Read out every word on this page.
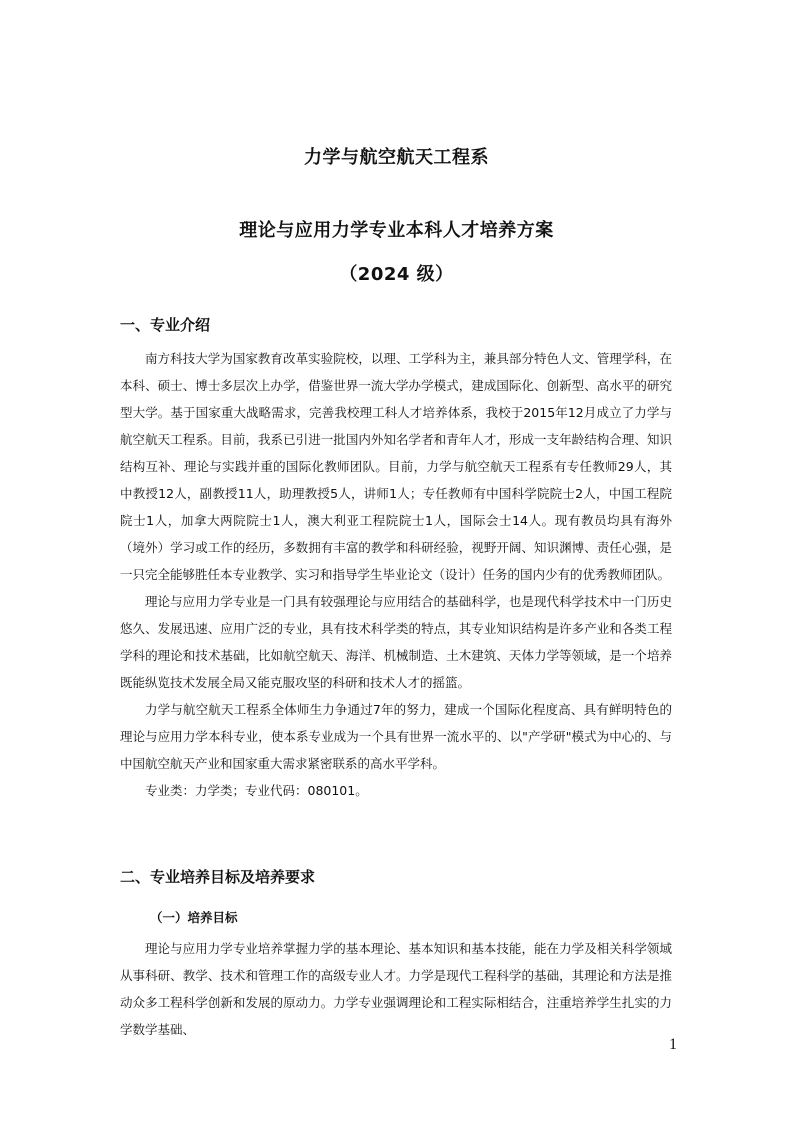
力学与航空航天工程系
理论与应用力学专业本科人才培养方案
（2024 级）
一、专业介绍

南方科技大学为国家教育改革实验院校，以理、工学科为主，兼具部分特色人文、管理学科，在本科、硕士、博士多层次上办学，借鉴世界一流大学办学模式，建成国际化、创新型、高水平的研究型大学。基于国家重大战略需求，完善我校理工科人才培养体系，我校于2015年12月成立了力学与航空航天工程系。目前，我系已引进一批国内外知名学者和青年人才，形成一支年龄结构合理、知识结构互补、理论与实践并重的国际化教师团队。目前，力学与航空航天工程系有专任教师29人，其中教授12人，副教授11人，助理教授5人，讲师1人；专任教师有中国科学院院士2人，中国工程院院士1人，加拿大两院院士1人，澳大利亚工程院院士1人，国际会士14人。现有教员均具有海外（境外）学习或工作的经历，多数拥有丰富的教学和科研经验，视野开阔、知识渊博、责任心强，是一只完全能够胜任本专业教学、实习和指导学生毕业论文（设计）任务的国内少有的优秀教师团队。

理论与应用力学专业是一门具有较强理论与应用结合的基础科学，也是现代科学技术中一门历史悠久、发展迅速、应用广泛的专业，具有技术科学类的特点，其专业知识结构是许多产业和各类工程学科的理论和技术基础，比如航空航天、海洋、机械制造、土木建筑、天体力学等领域，是一个培养既能纵览技术发展全局又能克服攻坚的科研和技术人才的摇篮。

力学与航空航天工程系全体师生力争通过7年的努力，建成一个国际化程度高、具有鲜明特色的理论与应用力学本科专业，使本系专业成为一个具有世界一流水平的、以"产学研"模式为中心的、与中国航空航天产业和国家重大需求紧密联系的高水平学科。

专业类：力学类；专业代码：080101。

二、专业培养目标及培养要求
（一）培养目标

理论与应用力学专业培养掌握力学的基本理论、基本知识和基本技能，能在力学及相关科学领域从事科研、教学、技术和管理工作的高级专业人才。力学是现代工程科学的基础，其理论和方法是推动众多工程科学创新和发展的原动力。力学专业强调理论和工程实际相结合，注重培养学生扎实的力学数学基础、

1
